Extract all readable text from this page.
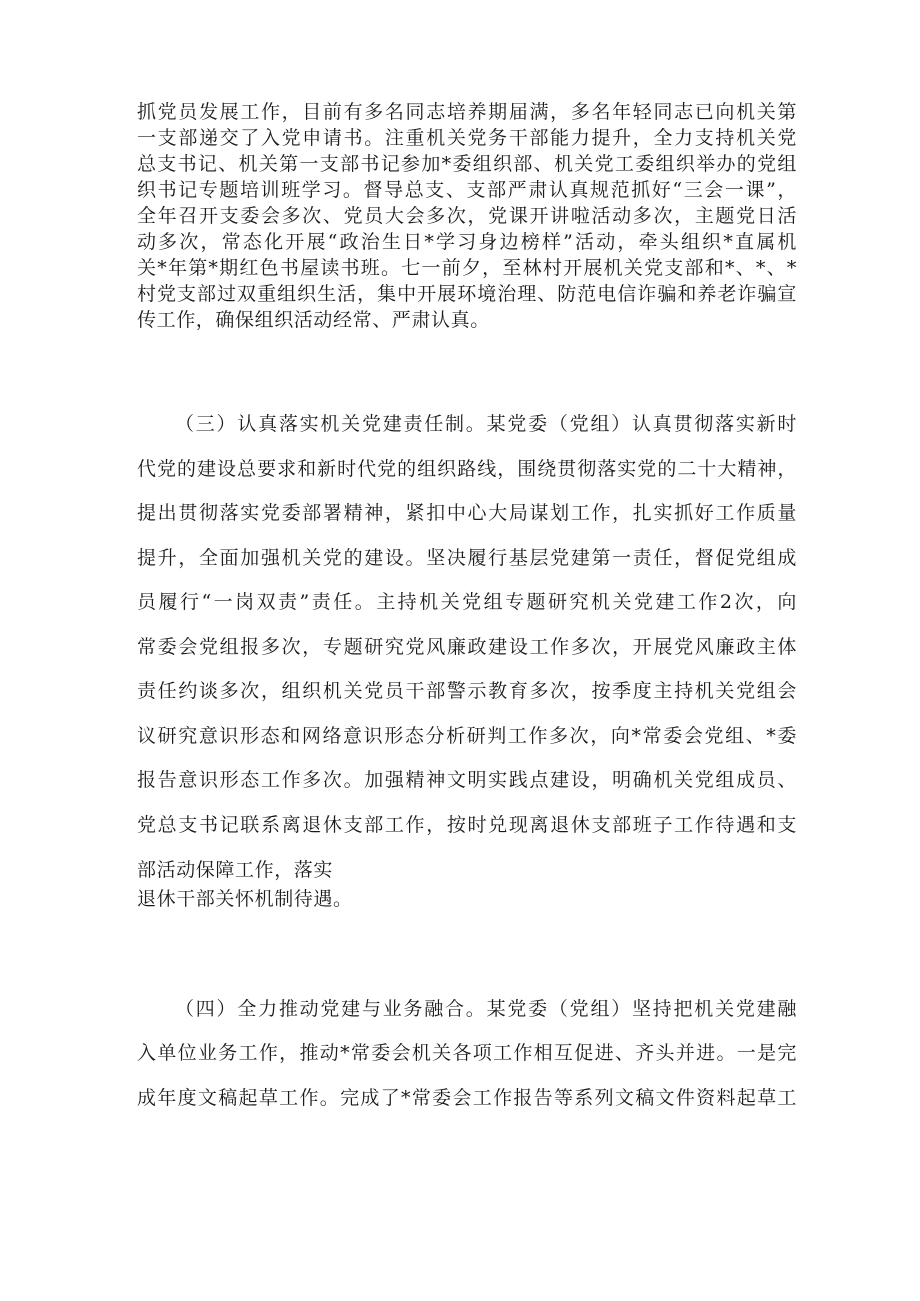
抓党员发展工作，目前有多名同志培养期届满，多名年轻同志已向机关第
一支部递交了入党申请书。注重机关党务干部能力提升，全力支持机关党
总支书记、机关第一支部书记参加*委组织部、机关党工委组织举办的党组
织书记专题培训班学习。督导总支、支部严肃认真规范抓好“三会一课”，
全年召开支委会多次、党员大会多次，党课开讲啦活动多次，主题党日活
动多次，常态化开展“政治生日*学习身边榜样”活动，牵头组织*直属机
关*年第*期红色书屋读书班。七一前夕，至林村开展机关党支部和*、*、*
村党支部过双重组织生活，集中开展环境治理、防范电信诈骗和养老诈骗宣
传工作，确保组织活动经常、严肃认真。
（三）认真落实机关党建责任制。某党委（党组）认真贯彻落实新时
代党的建设总要求和新时代党的组织路线，围绕贯彻落实党的二十大精神，
提出贯彻落实党委部署精神，紧扣中心大局谋划工作，扎实抓好工作质量
提升，全面加强机关党的建设。坚决履行基层党建第一责任，督促党组成
员履行“一岗双责”责任。主持机关党组专题研究机关党建工作2次，向
常委会党组报多次，专题研究党风廉政建设工作多次，开展党风廉政主体
责任约谈多次，组织机关党员干部警示教育多次，按季度主持机关党组会
议研究意识形态和网络意识形态分析研判工作多次，向*常委会党组、*委
报告意识形态工作多次。加强精神文明实践点建设，明确机关党组成员、
党总支书记联系离退休支部工作，按时兑现离退休支部班子工作待遇和支
部活动保障工作，落实
退休干部关怀机制待遇。
（四）全力推动党建与业务融合。某党委（党组）坚持把机关党建融
入单位业务工作，推动*常委会机关各项工作相互促进、齐头并进。一是完
成年度文稿起草工作。完成了*常委会工作报告等系列文稿文件资料起草工
